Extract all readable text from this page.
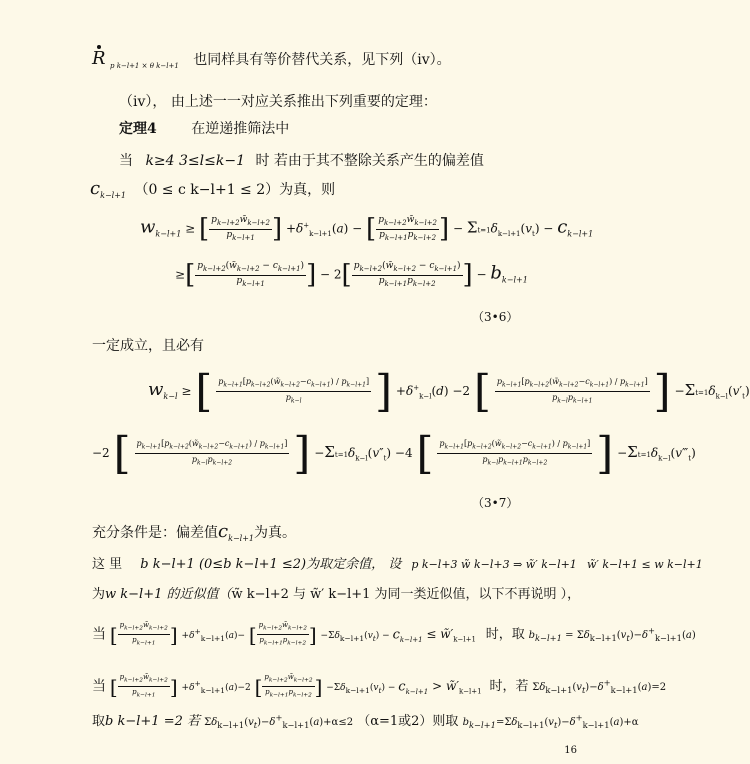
R $_{p k-l+1 \times \theta k-l+1}$ 也同样具有等价替代关系，见下列（iv）。
（iv）， 由上述一一对应关系推出下列重要的定理：
定理4 在逆递推筛法中
当 k≥4 3≤l≤k−1 时 若由于其不整除关系产生的偏差值
$c_{k-l+1}$ （0 ≤ c k−l+1 ≤ 2）为真，则
$w_{k-l+1}$ ≥ [ $\frac{p_{k-l+2}w̃_{k-l+2}}{p_{k-l+1}}$ ] $+\delta^+_{k-l+1}(a)$ − [ $\frac{p_{k-l+2}w̃_{k-l+2}}{p_{k-l+1}p_{k-l+2}}$ ] − $\Sigma t=1\delta_{k-l+1}(v_t) - c_{k-l+1}$
≥[ $\frac{p_{k-l+2}(w̃_{k-l+2} - c_{k-l+1})}{p_{k-l+1}}$ ] − $2[ \frac{p_{k-l+2}(w̃_{k-l+2} - c_{k-l+1})}{p_{k-l+1}p_{k-l+2}}$ ] − $b_{k-l+1}$
（3•6）
一定成立，且必有
$w_{k-l}$ ≥ [ $\frac{p_{k-l+1}[p_{k-l+2}(w̃_{k-l+2}-c_{k-l+1}) / p_{k-l+1}]}{p_{k-l}}$ ] $+\delta^+_{k-l}(d) -2$ [ $\frac{p_{k-l+1}[p_{k-l+2}(w̃_{k-l+2}-c_{k-l+1}) / p_{k-l+1}]}{p_{k-l}p_{k-l+1}}$ ] $-\Sigma t=1\delta_{k-l}(v'_t)$
−2 [ $\frac{p_{k-l+1}[p_{k-l+2}(w̃_{k-l+2}-c_{k-l+1}) / p_{k-l+1}]}{p_{k-l}p_{k-l+2}}$ ] $-\Sigma t=1\delta_{k-l}(v''_t) -4$ [ $\frac{p_{k-l+1}[p_{k-l+2}(w̃_{k-l+2}-c_{k-l+1}) / p_{k-l+1}]}{p_{k-l}p_{k-l+1}p_{k-l+2}}$ ] $-\Sigma t=1\delta_{k-l}(v‴_t)$
（3•7）
充分条件是：偏差值$c_{k-l+1}$为真。
这 里 b k−l+1 (0≤b k−l+1 ≤2)为取定余值， 设 p k−l+3 w̃ k−l+3 ⇒ w̃′ k−l+1 w̃′ k−l+1 ≤ w k−l+1
为w k−l+1 的近似值（w̃ k−l+2 与 w̃′ k−l+1 为同一类近似值，以下不再说明 ），
当 [ $\frac{p_{k-l+2}w̃_{k-l+2}}{p_{k-l+1}}$ ] $+\delta^+_{k-l+1}(a)-$ [ $\frac{p_{k-l+2}w̃_{k-l+2}}{p_{k-l+1}p_{k-l+2}}$ ] $-\Sigma\delta_{k-l+1}(v_t) - c_{k-l+1}$ ≤ $w̃'_{k-l+1}$ 时，取 $b_{k-l+1} = \Sigma\delta_{k-l+1}(v_t)-\delta^+_{k-l+1}(a)$
当 [ $\frac{p_{k-l+2}w̃_{k-l+2}}{p_{k-l+1}}$ ] $+\delta^+_{k-l+1}(a)-2$ [ $\frac{p_{k-l+2}w̃_{k-l+2}}{p_{k-l+1}p_{k-l+2}}$ ] $-\Sigma\delta_{k-l+1}(v_t) - c_{k-l+1}$ > $w̃'_{k-l+1}$ 时，若 $\Sigma\delta_{k-l+1}(v_t)-\delta^+_{k-l+1}(a)=2$
取b k−l+1 =2 若 $\Sigma\delta_{k-l+1}(v_t)-\delta^+_{k-l+1}(a)+\alpha\le 2$ （α=1或2）则取 $b_{k-l+1}=\Sigma\delta_{k-l+1}(v_t)-\delta^+_{k-l+1}(a)+\alpha$
16
